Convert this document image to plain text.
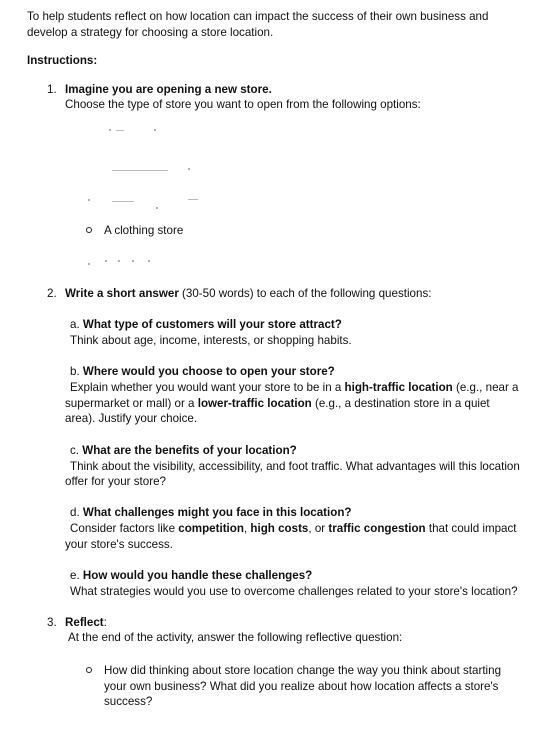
To help students reflect on how location can impact the success of their own business and
develop a strategy for choosing a store location.
Instructions:
1. Imagine you are opening a new store.
Choose the type of store you want to open from the following options:
A clothing store
2. Write a short answer (30-50 words) to each of the following questions:
a. What type of customers will your store attract?
Think about age, income, interests, or shopping habits.
b. Where would you choose to open your store?
Explain whether you would want your store to be in a high-traffic location (e.g., near a
supermarket or mall) or a lower-traffic location (e.g., a destination store in a quiet
area). Justify your choice.
c. What are the benefits of your location?
Think about the visibility, accessibility, and foot traffic. What advantages will this location
offer for your store?
d. What challenges might you face in this location?
Consider factors like competition, high costs, or traffic congestion that could impact
your store's success.
e. How would you handle these challenges?
What strategies would you use to overcome challenges related to your store's location?
3. Reflect:
At the end of the activity, answer the following reflective question:
How did thinking about store location change the way you think about starting
your own business? What did you realize about how location affects a store's
success?
